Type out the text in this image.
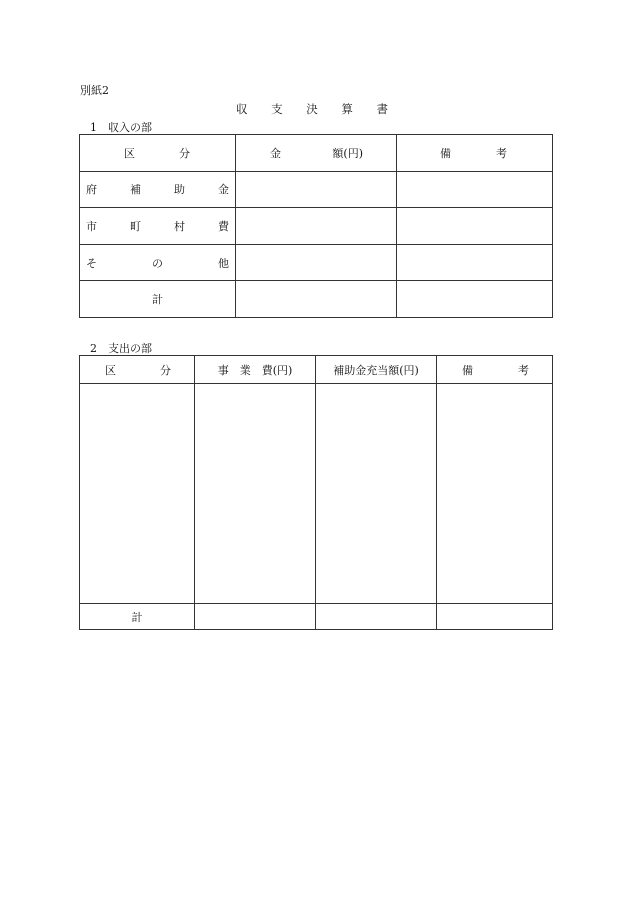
別紙2
収 支 決 算 書
1　収入の部
区 分	金 額(円)	備 考

府 補 助 金		

市 町 村 費		

そ の 他		

計		
2　支出の部
区 分	事　業　費(円)	補助金充当額(円)	備 考

計			
